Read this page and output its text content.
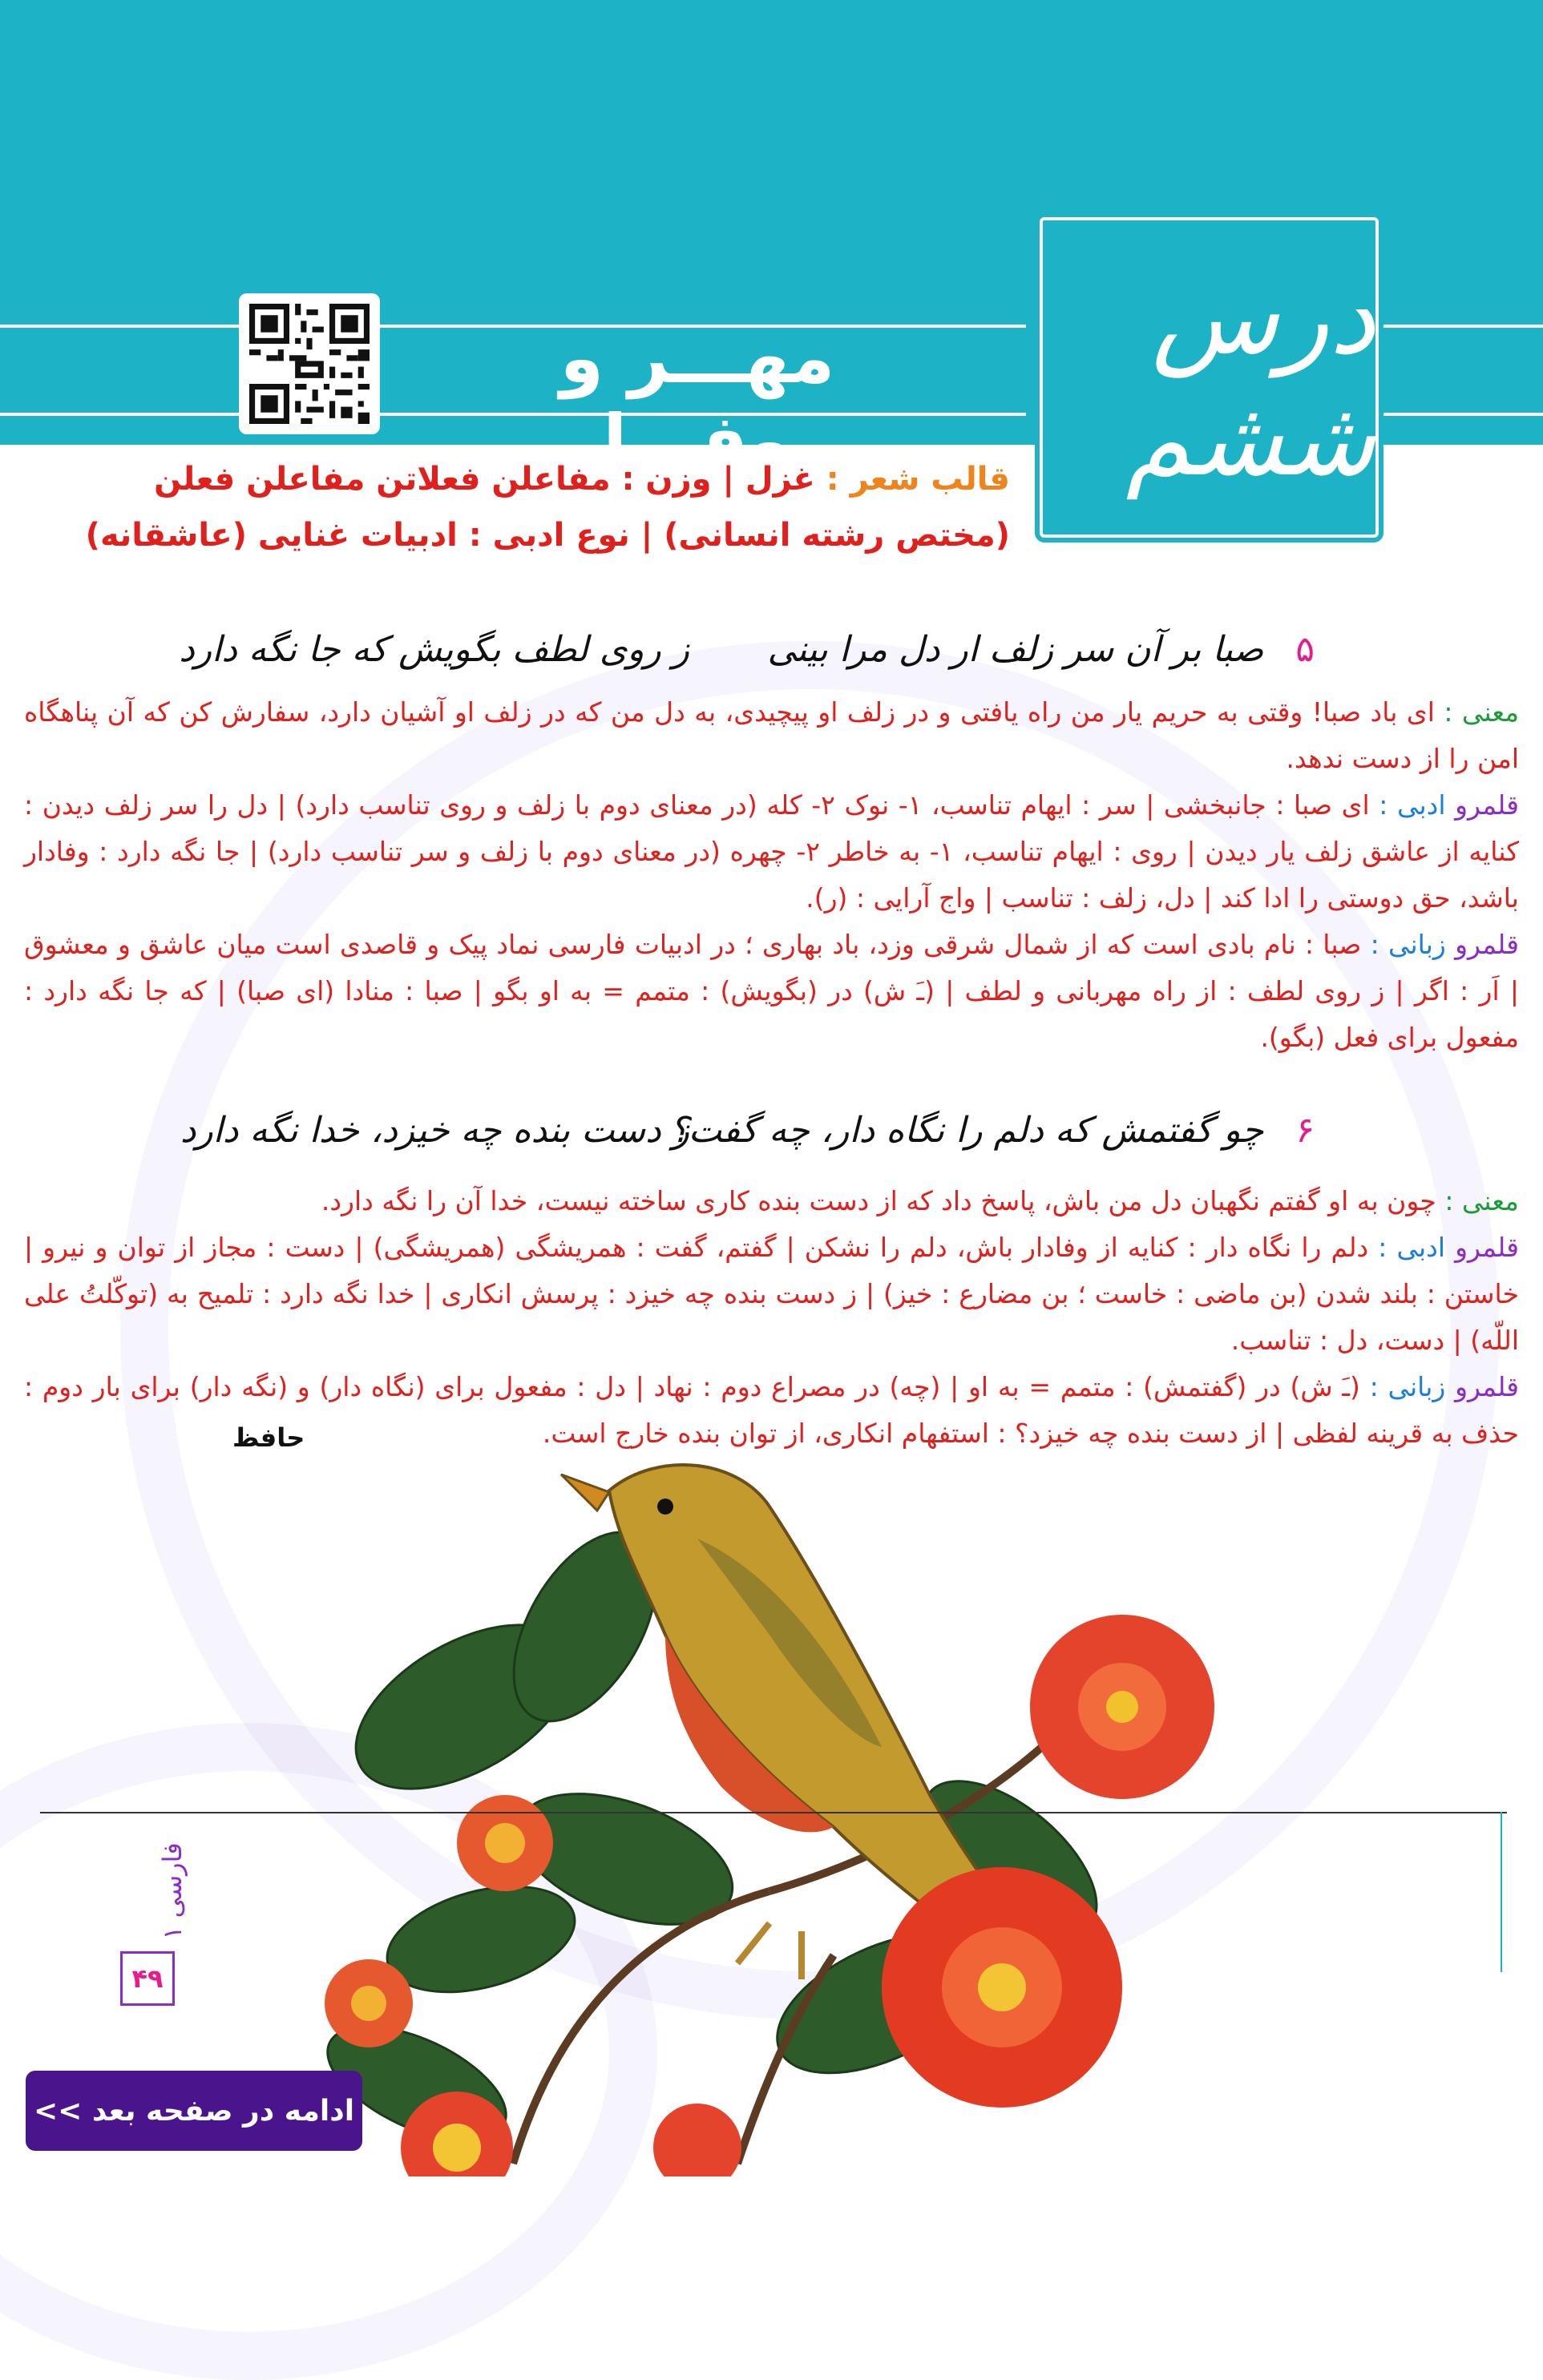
درس ششم
مهـــر و وفـــا قالب شعر : غزل | وزن : مفاعلن فعلاتن مفاعلن فعلن
(مختص رشته انسانی) | نوع ادبی : ادبیات غنایی (عاشقانه)
۵صبا بر آن سر زلف ار دل مرا بینی
ز روی لطف بگویش که جا نگه دارد
معنی : ای باد صبا! وقتی به حریم یار من راه یافتی و در زلف او پیچیدی، به دل من که در زلف او آشیان دارد، سفارش کن که آن پناهگاه امن را از دست ندهد.
قلمرو ادبی : ای صبا : جانبخشی | سر : ایهام تناسب، ۱- نوک ۲- کله (در معنای دوم با زلف و روی تناسب دارد) | دل را سر زلف دیدن : کنایه از عاشق زلف یار دیدن | روی : ایهام تناسب، ۱- به خاطر ۲- چهره (در معنای دوم با زلف و سر تناسب دارد) | جا نگه دارد : وفادار باشد، حق دوستی را ادا کند | دل، زلف : تناسب | واج آرایی : (ر).
قلمرو زبانی : صبا : نام بادی است که از شمال شرقی وزد، باد بهاری ؛ در ادبیات فارسی نماد پیک و قاصدی است میان عاشق و معشوق | اَر : اگر | ز روی لطف : از راه مهربانی و لطف | (ـَ ش) در (بگویش) : متمم = به او بگو | صبا : منادا (ای صبا) | که جا نگه دارد : مفعول برای فعل (بگو).
۶چو گفتمش که دلم را نگاه دار، چه گفت؟
ز دست بنده چه خیزد، خدا نگه دارد
معنی : چون به او گفتم نگهبان دل من باش، پاسخ داد که از دست بنده کاری ساخته نیست، خدا آن را نگه دارد.
قلمرو ادبی : دلم را نگاه دار : کنایه از وفادار باش، دلم را نشکن | گفتم، گفت : همریشگی (همریشگی) | دست : مجاز از توان و نیرو | خاستن : بلند شدن (بن ماضی : خاست ؛ بن مضارع : خیز) | ز دست بنده چه خیزد : پرسش انکاری | خدا نگه دارد : تلمیح به (توکّلتُ علی اللّه) | دست، دل : تناسب.
قلمرو زبانی : (ـَ ش) در (گفتمش) : متمم = به او | (چه) در مصراع دوم : نهاد | دل : مفعول برای (نگاه دار) و (نگه دار) برای بار دوم : حذف به قرینه لفظی | از دست بنده چه خیزد؟ : استفهام انکاری، از توان بنده خارج است.
حافظ
فارسی ۱
۴۹
ادامه در صفحه بعد >>
